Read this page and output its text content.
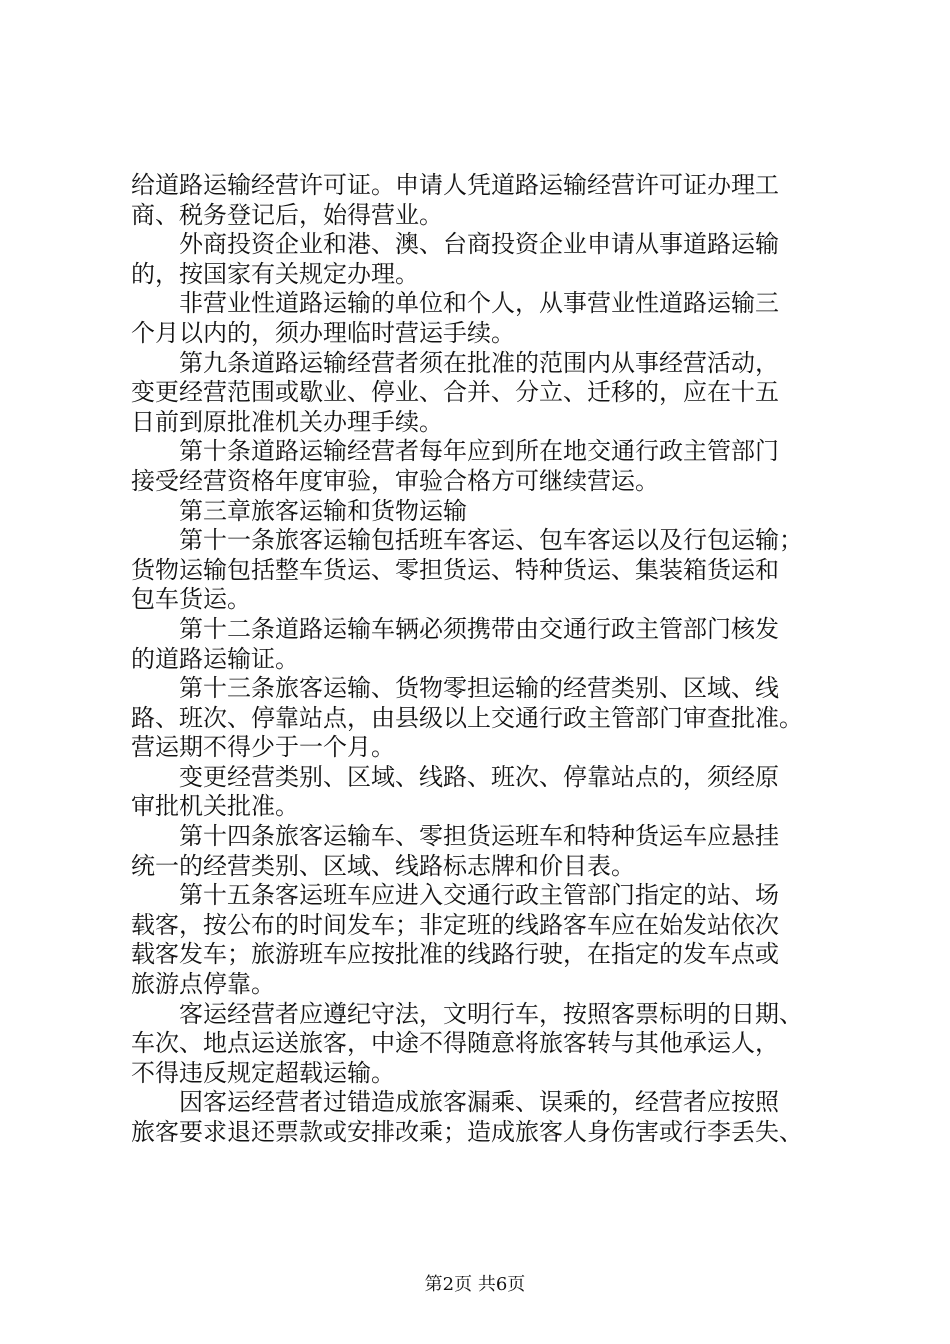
给道路运输经营许可证。申请人凭道路运输经营许可证办理工
商、税务登记后，始得营业。
外商投资企业和港、澳、台商投资企业申请从事道路运输
的，按国家有关规定办理。
非营业性道路运输的单位和个人，从事营业性道路运输三
个月以内的，须办理临时营运手续。
第九条道路运输经营者须在批准的范围内从事经营活动，
变更经营范围或歇业、停业、合并、分立、迁移的，应在十五
日前到原批准机关办理手续。
第十条道路运输经营者每年应到所在地交通行政主管部门
接受经营资格年度审验，审验合格方可继续营运。
第三章旅客运输和货物运输
第十一条旅客运输包括班车客运、包车客运以及行包运输；
货物运输包括整车货运、零担货运、特种货运、集装箱货运和
包车货运。
第十二条道路运输车辆必须携带由交通行政主管部门核发
的道路运输证。
第十三条旅客运输、货物零担运输的经营类别、区域、线
路、班次、停靠站点，由县级以上交通行政主管部门审查批准。
营运期不得少于一个月。
变更经营类别、区域、线路、班次、停靠站点的，须经原
审批机关批准。
第十四条旅客运输车、零担货运班车和特种货运车应悬挂
统一的经营类别、区域、线路标志牌和价目表。
第十五条客运班车应进入交通行政主管部门指定的站、场
载客，按公布的时间发车；非定班的线路客车应在始发站依次
载客发车；旅游班车应按批准的线路行驶，在指定的发车点或
旅游点停靠。
客运经营者应遵纪守法，文明行车，按照客票标明的日期、
车次、地点运送旅客，中途不得随意将旅客转与其他承运人，
不得违反规定超载运输。
因客运经营者过错造成旅客漏乘、误乘的，经营者应按照
旅客要求退还票款或安排改乘；造成旅客人身伤害或行李丢失、
第2页 共6页
